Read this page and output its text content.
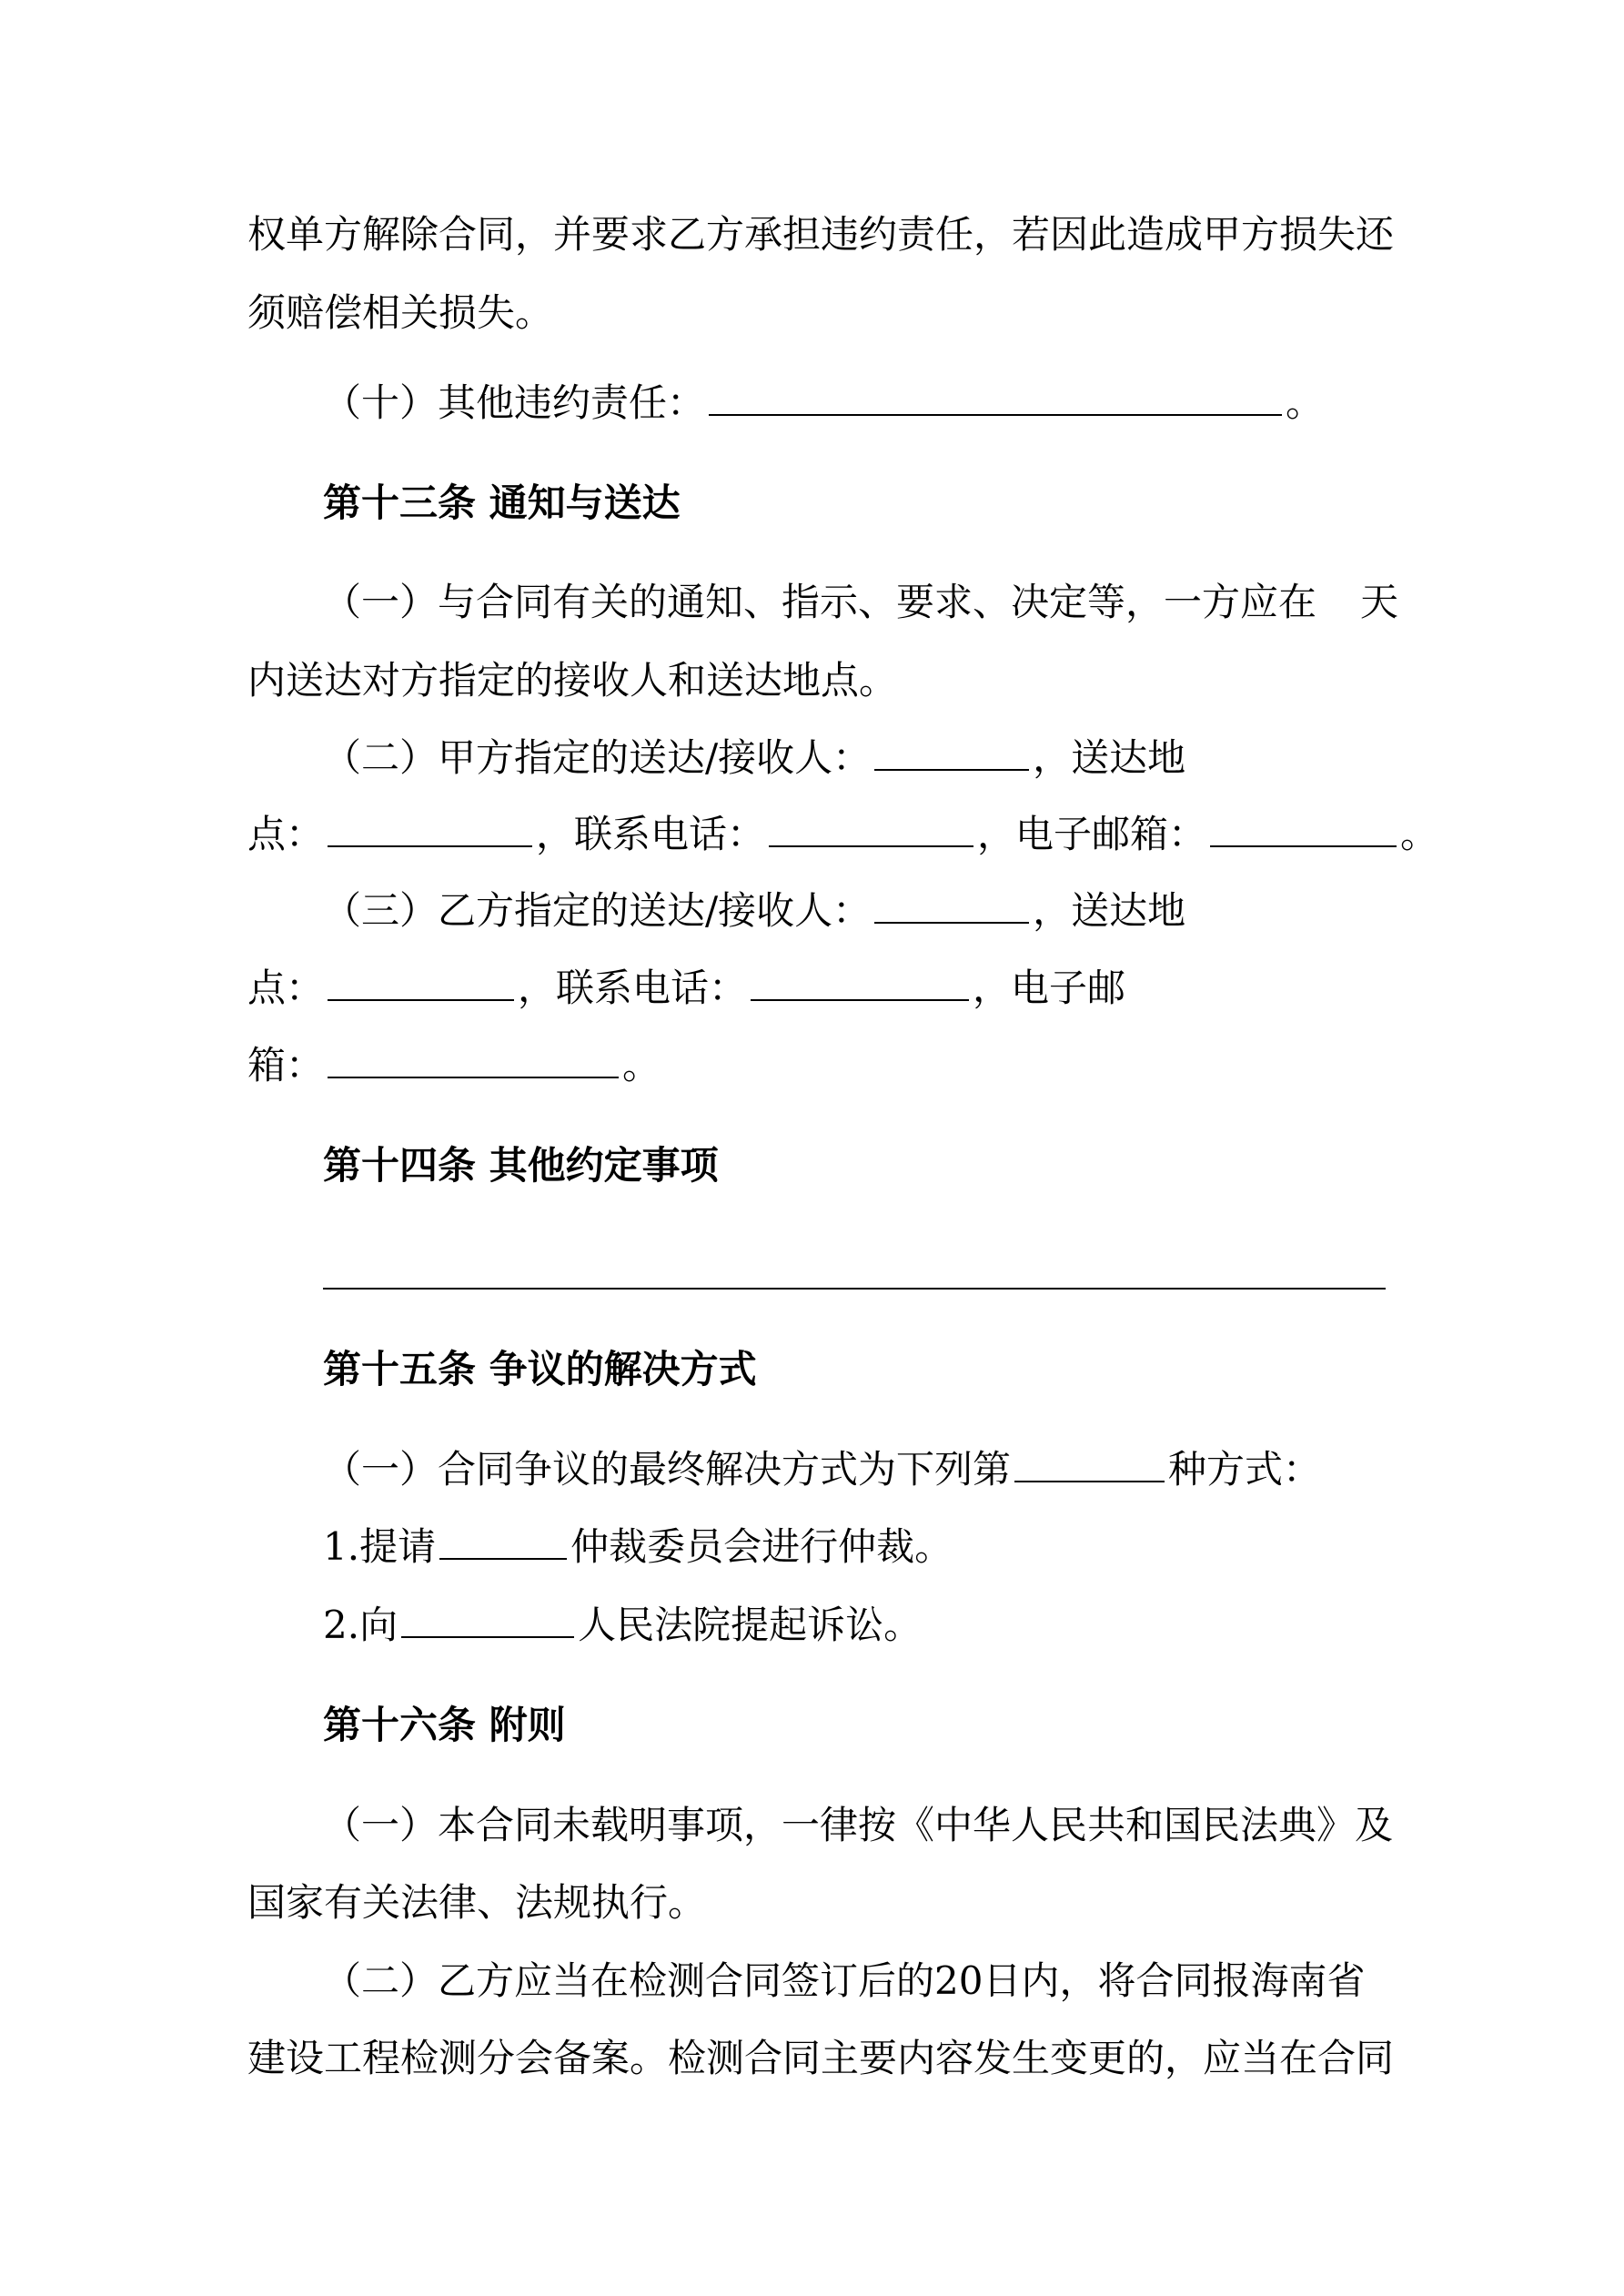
权单方解除合同，并要求乙方承担违约责任，若因此造成甲方损失还
须赔偿相关损失。
（十）其他违约责任：	。
第十三条 通知与送达
（一）与合同有关的通知、指示、要求、决定等，一方应在 天
内送达对方指定的接收人和送达地点。
（二）甲方指定的送达/接收人：	，送达地
点：	，联系电话：	，电子邮箱：	。
（三）乙方指定的送达/接收人：	，送达地
点：	，联系电话：	，电子邮
箱：	。
第十四条 其他约定事项
第十五条 争议的解决方式
（一）合同争议的最终解决方式为下列第	种方式：
1.提请	仲裁委员会进行仲裁。
2.向	人民法院提起诉讼。
第十六条 附则
（一）本合同未载明事项，一律按《中华人民共和国民法典》及
国家有关法律、法规执行。
（二）乙方应当在检测合同签订后的20日内，将合同报海南省
建设工程检测分会备案。检测合同主要内容发生变更的，应当在合同
